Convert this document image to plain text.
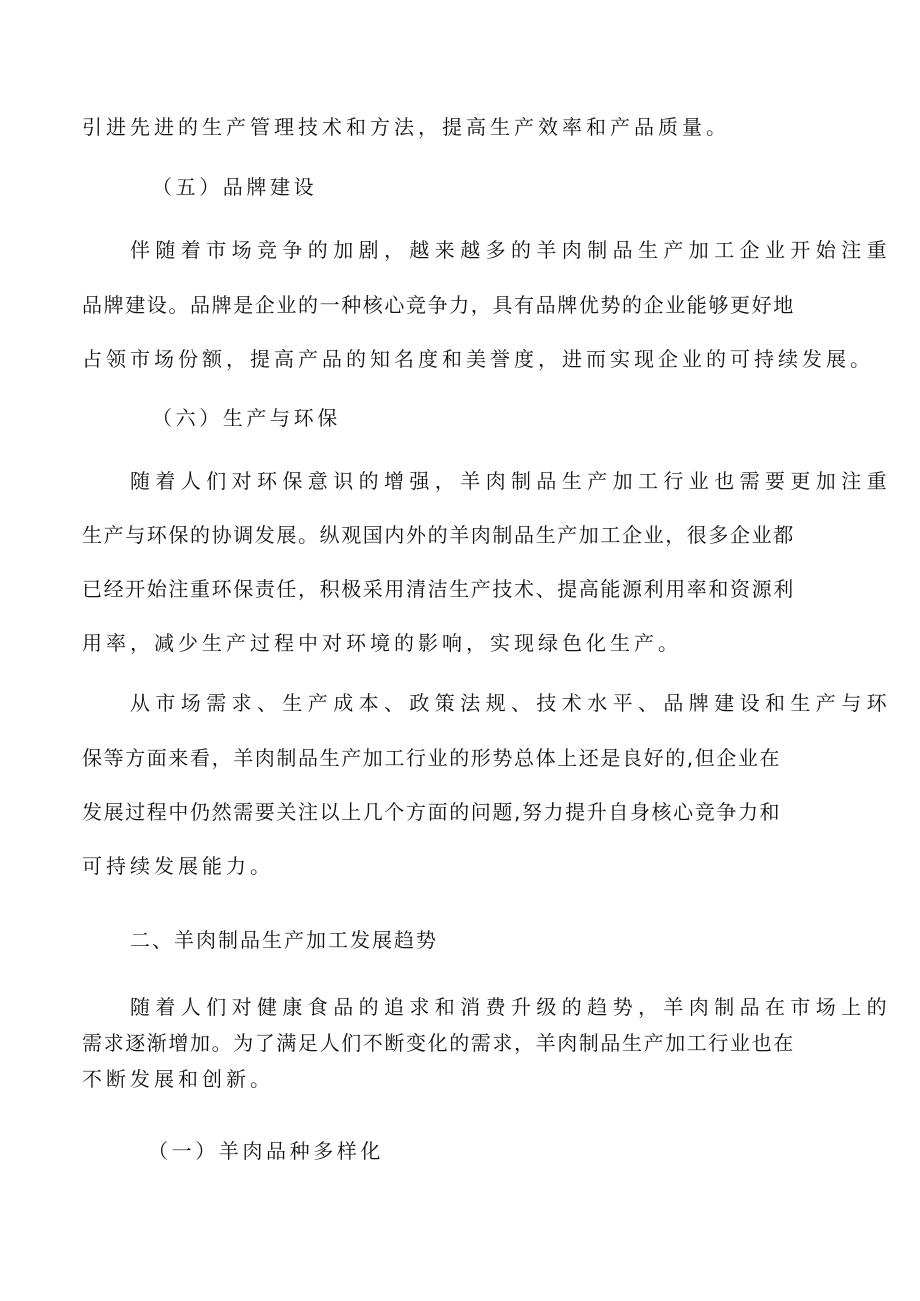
引进先进的生产管理技术和方法，提高生产效率和产品质量。
（五）品牌建设
伴随着市场竞争的加剧，越来越多的羊肉制品生产加工企业开始注重
品牌建设。品牌是企业的一种核心竞争力，具有品牌优势的企业能够更好地
占领市场份额，提高产品的知名度和美誉度，进而实现企业的可持续发展。
（六）生产与环保
随着人们对环保意识的增强，羊肉制品生产加工行业也需要更加注重
生产与环保的协调发展。纵观国内外的羊肉制品生产加工企业，很多企业都
已经开始注重环保责任，积极采用清洁生产技术、提高能源利用率和资源利
用率，减少生产过程中对环境的影响，实现绿色化生产。
从市场需求、生产成本、政策法规、技术水平、品牌建设和生产与环
保等方面来看，羊肉制品生产加工行业的形势总体上还是良好的,但企业在
发展过程中仍然需要关注以上几个方面的问题,努力提升自身核心竞争力和
可持续发展能力。
二、羊肉制品生产加工发展趋势
随着人们对健康食品的追求和消费升级的趋势，羊肉制品在市场上的
需求逐渐增加。为了满足人们不断变化的需求，羊肉制品生产加工行业也在
不断发展和创新。
（一）羊肉品种多样化
